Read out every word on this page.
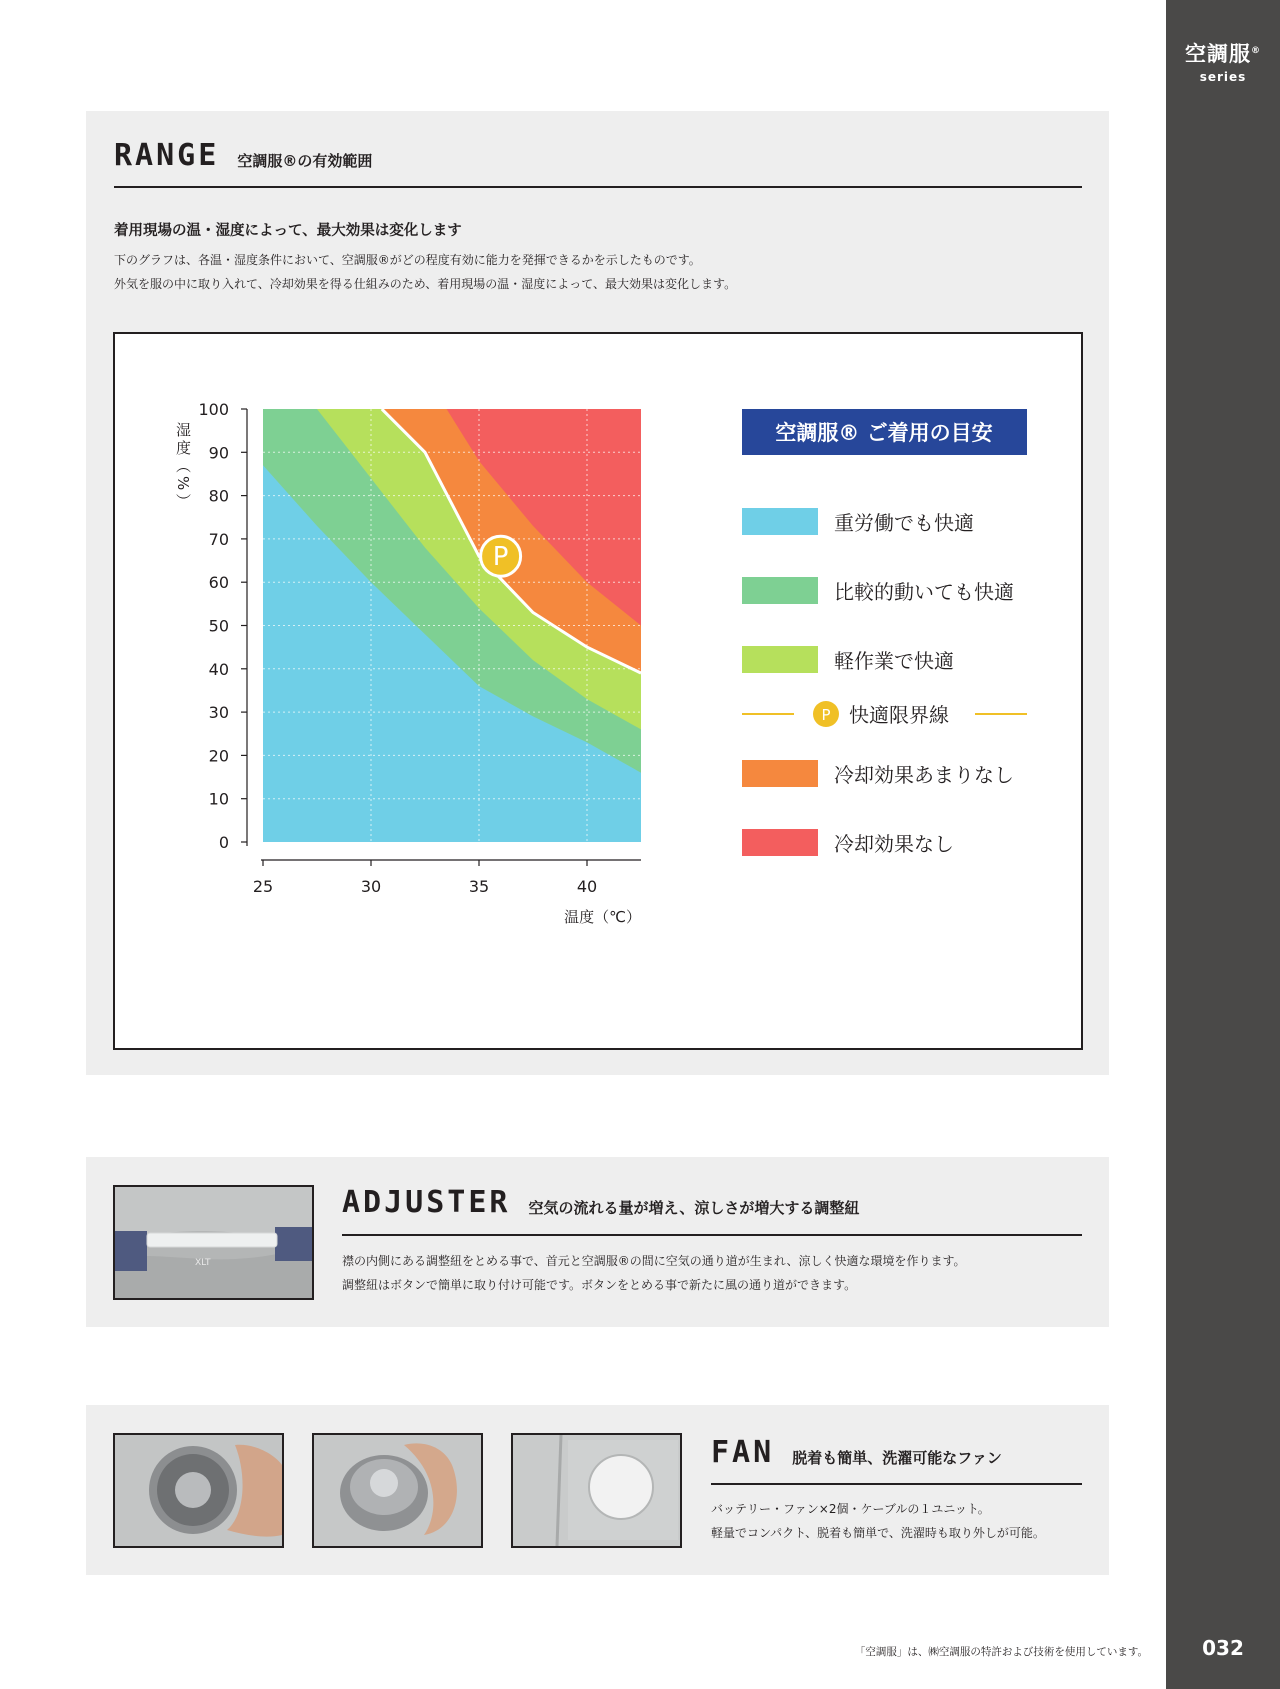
空調服®
series
032
「空調服」は、㈱空調服の特許および技術を使用しています。
RANGE 空調服®の有効範囲
着用現場の温・湿度によって、最大効果は変化します
下のグラフは、各温・湿度条件において、空調服®がどの程度有効に能力を発揮できるかを示したものです。
外気を服の中に取り入れて、冷却効果を得る仕組みのため、着用現場の温・湿度によって、最大効果は変化します。
P
0
10
20
30
40
50
60
70
80
90
100
25	30	35	40
湿度（%）
温度（℃）
空調服® ご着用の目安
重労働でも快適
比較的動いても快適
軽作業で快適
冷却効果あまりなし
冷却効果なし
P 快適限界線
XLT
ADJUSTER 空気の流れる量が増え、涼しさが増大する調整紐
襟の内側にある調整紐をとめる事で、首元と空調服®の間に空気の通り道が生まれ、涼しく快適な環境を作ります。
調整紐はボタンで簡単に取り付け可能です。ボタンをとめる事で新たに風の通り道ができます。
FAN 脱着も簡単、洗濯可能なファン
バッテリー・ファン×2個・ケーブルの１ユニット。
軽量でコンパクト、脱着も簡単で、洗濯時も取り外しが可能。
